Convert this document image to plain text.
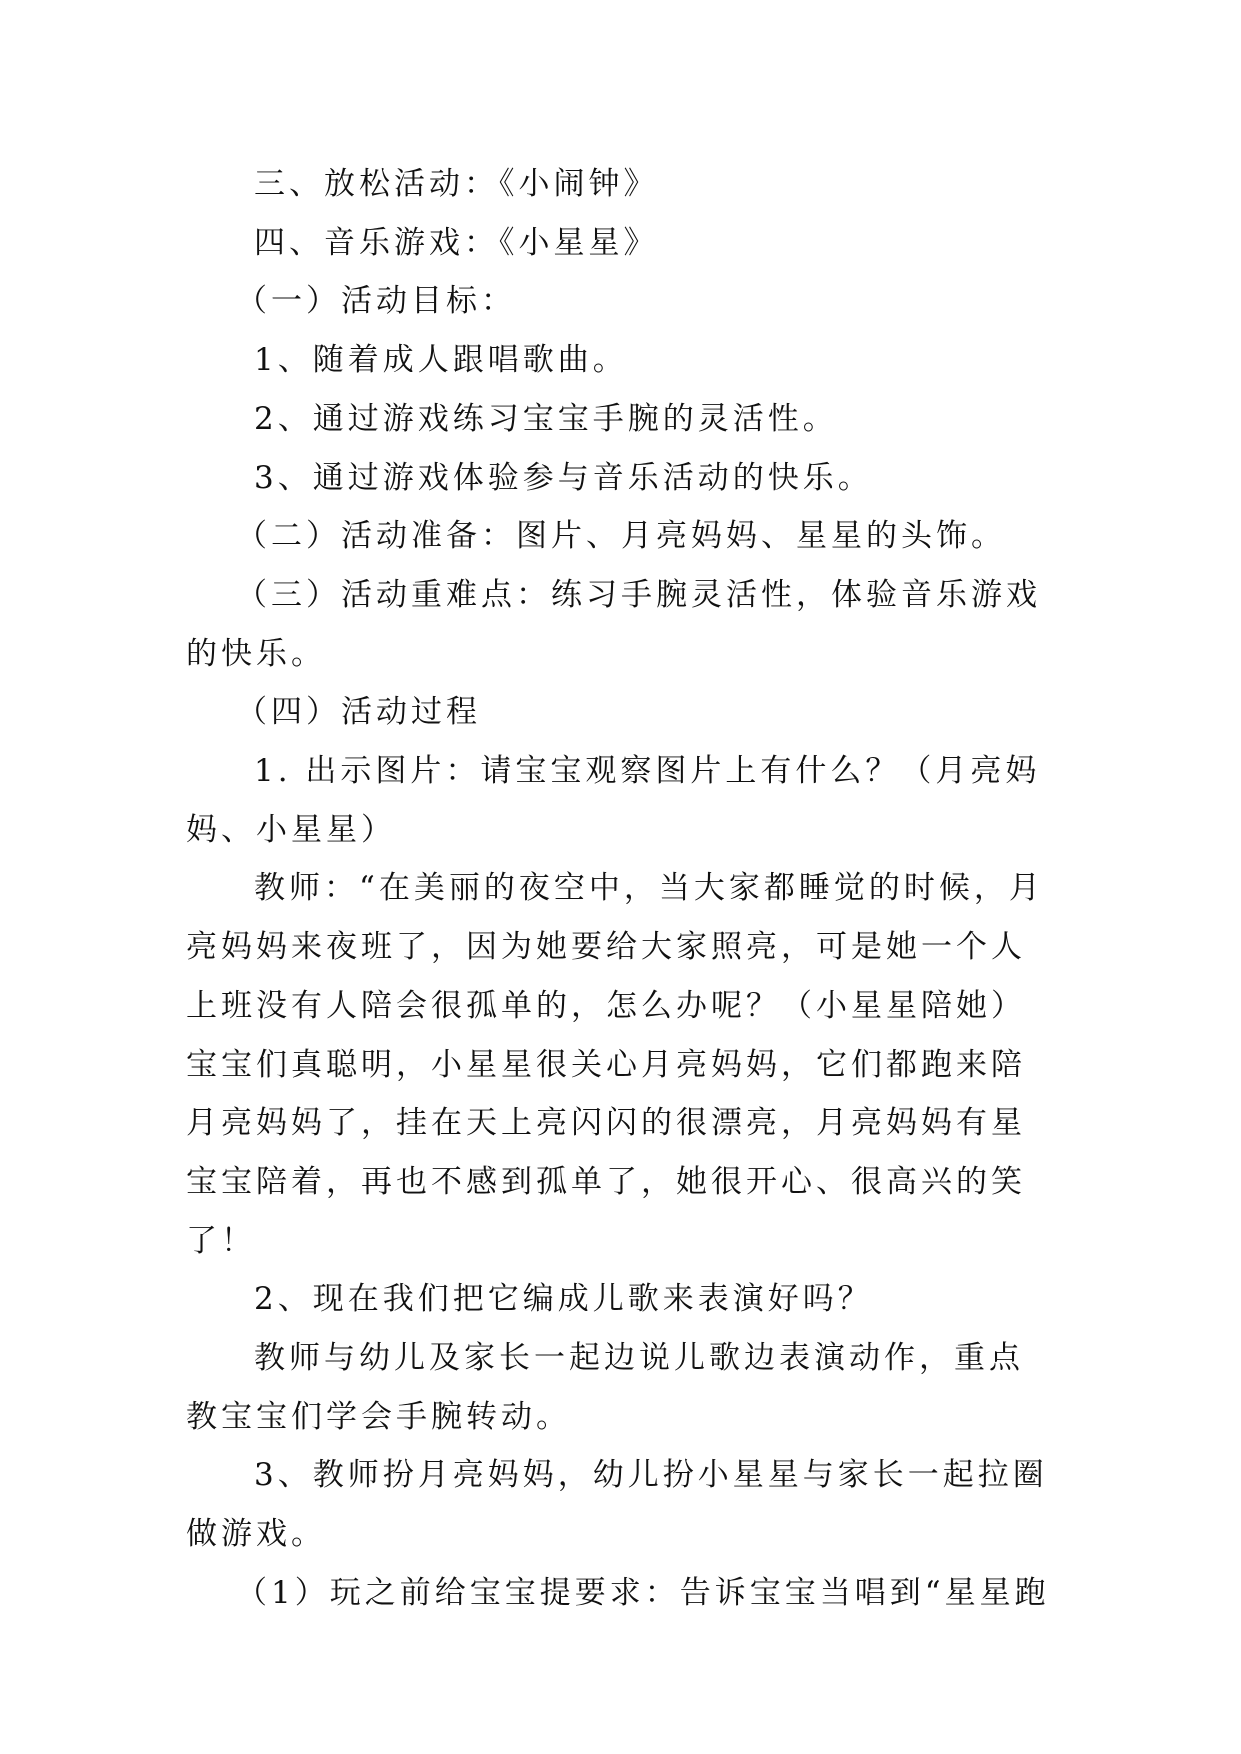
三、放松活动：《小闹钟》

四、音乐游戏：《小星星》

（一）活动目标：

1、随着成人跟唱歌曲。

2、通过游戏练习宝宝手腕的灵活性。

3、通过游戏体验参与音乐活动的快乐。

（二）活动准备：图片、月亮妈妈、星星的头饰。

（三）活动重难点：练习手腕灵活性，体验音乐游戏的快乐。

（四）活动过程

1. 出示图片：请宝宝观察图片上有什么？（月亮妈妈、小星星）

教师：“在美丽的夜空中，当大家都睡觉的时候，月亮妈妈来夜班了，因为她要给大家照亮，可是她一个人上班没有人陪会很孤单的，怎么办呢？（小星星陪她）宝宝们真聪明，小星星很关心月亮妈妈，它们都跑来陪月亮妈妈了，挂在天上亮闪闪的很漂亮，月亮妈妈有星宝宝陪着，再也不感到孤单了，她很开心、很高兴的笑了！

2、现在我们把它编成儿歌来表演好吗？

教师与幼儿及家长一起边说儿歌边表演动作，重点教宝宝们学会手腕转动。

3、教师扮月亮妈妈，幼儿扮小星星与家长一起拉圈做游戏。

（1）玩之前给宝宝提要求：告诉宝宝当唱到“星星跑
